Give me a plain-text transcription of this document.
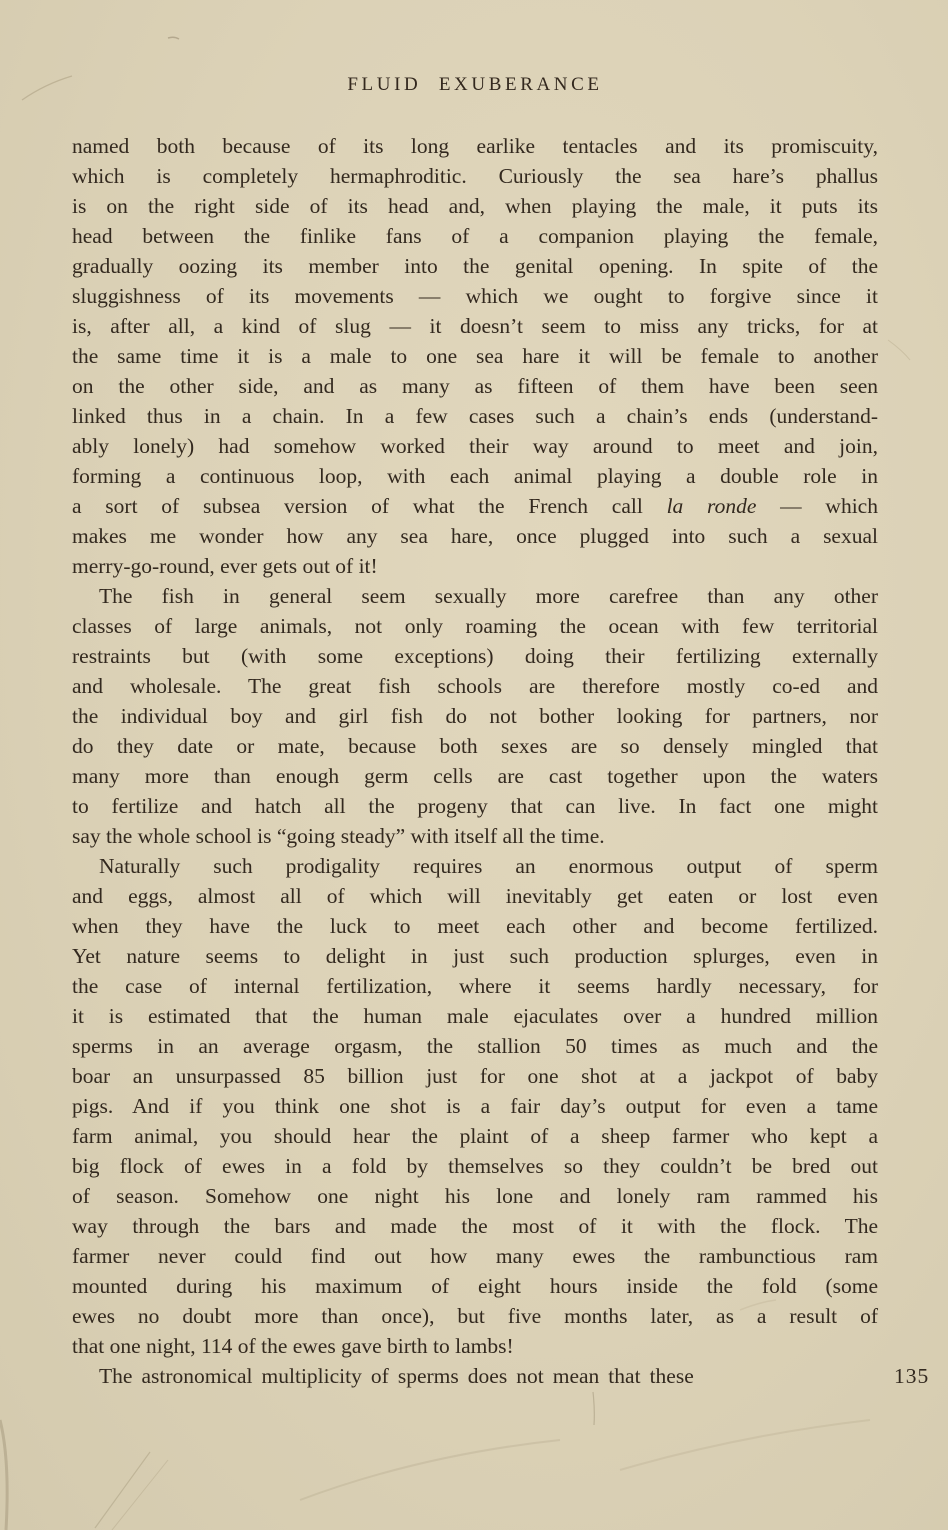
FLUID EXUBERANCE
named both because of its long earlike tentacles and its promiscuity,
which is completely hermaphroditic. Curiously the sea hare’s phallus
is on the right side of its head and, when playing the male, it puts its
head between the finlike fans of a companion playing the female,
gradually oozing its member into the genital opening. In spite of the
sluggishness of its movements — which we ought to forgive since it
is, after all, a kind of slug — it doesn’t seem to miss any tricks, for at
the same time it is a male to one sea hare it will be female to another
on the other side, and as many as fifteen of them have been seen
linked thus in a chain. In a few cases such a chain’s ends (understand-
ably lonely) had somehow worked their way around to meet and join,
forming a continuous loop, with each animal playing a double role in
a sort of subsea version of what the French call la ronde — which
makes me wonder how any sea hare, once plugged into such a sexual
merry-go-round, ever gets out of it!
The fish in general seem sexually more carefree than any other
classes of large animals, not only roaming the ocean with few territorial
restraints but (with some exceptions) doing their fertilizing externally
and wholesale. The great fish schools are therefore mostly co-ed and
the individual boy and girl fish do not bother looking for partners, nor
do they date or mate, because both sexes are so densely mingled that
many more than enough germ cells are cast together upon the waters
to fertilize and hatch all the progeny that can live. In fact one might
say the whole school is “going steady” with itself all the time.
Naturally such prodigality requires an enormous output of sperm
and eggs, almost all of which will inevitably get eaten or lost even
when they have the luck to meet each other and become fertilized.
Yet nature seems to delight in just such production splurges, even in
the case of internal fertilization, where it seems hardly necessary, for
it is estimated that the human male ejaculates over a hundred million
sperms in an average orgasm, the stallion 50 times as much and the
boar an unsurpassed 85 billion just for one shot at a jackpot of baby
pigs. And if you think one shot is a fair day’s output for even a tame
farm animal, you should hear the plaint of a sheep farmer who kept a
big flock of ewes in a fold by themselves so they couldn’t be bred out
of season. Somehow one night his lone and lonely ram rammed his
way through the bars and made the most of it with the flock. The
farmer never could find out how many ewes the rambunctious ram
mounted during his maximum of eight hours inside the fold (some
ewes no doubt more than once), but five months later, as a result of
that one night, 114 of the ewes gave birth to lambs!
The astronomical multiplicity of sperms does not mean that these	135
